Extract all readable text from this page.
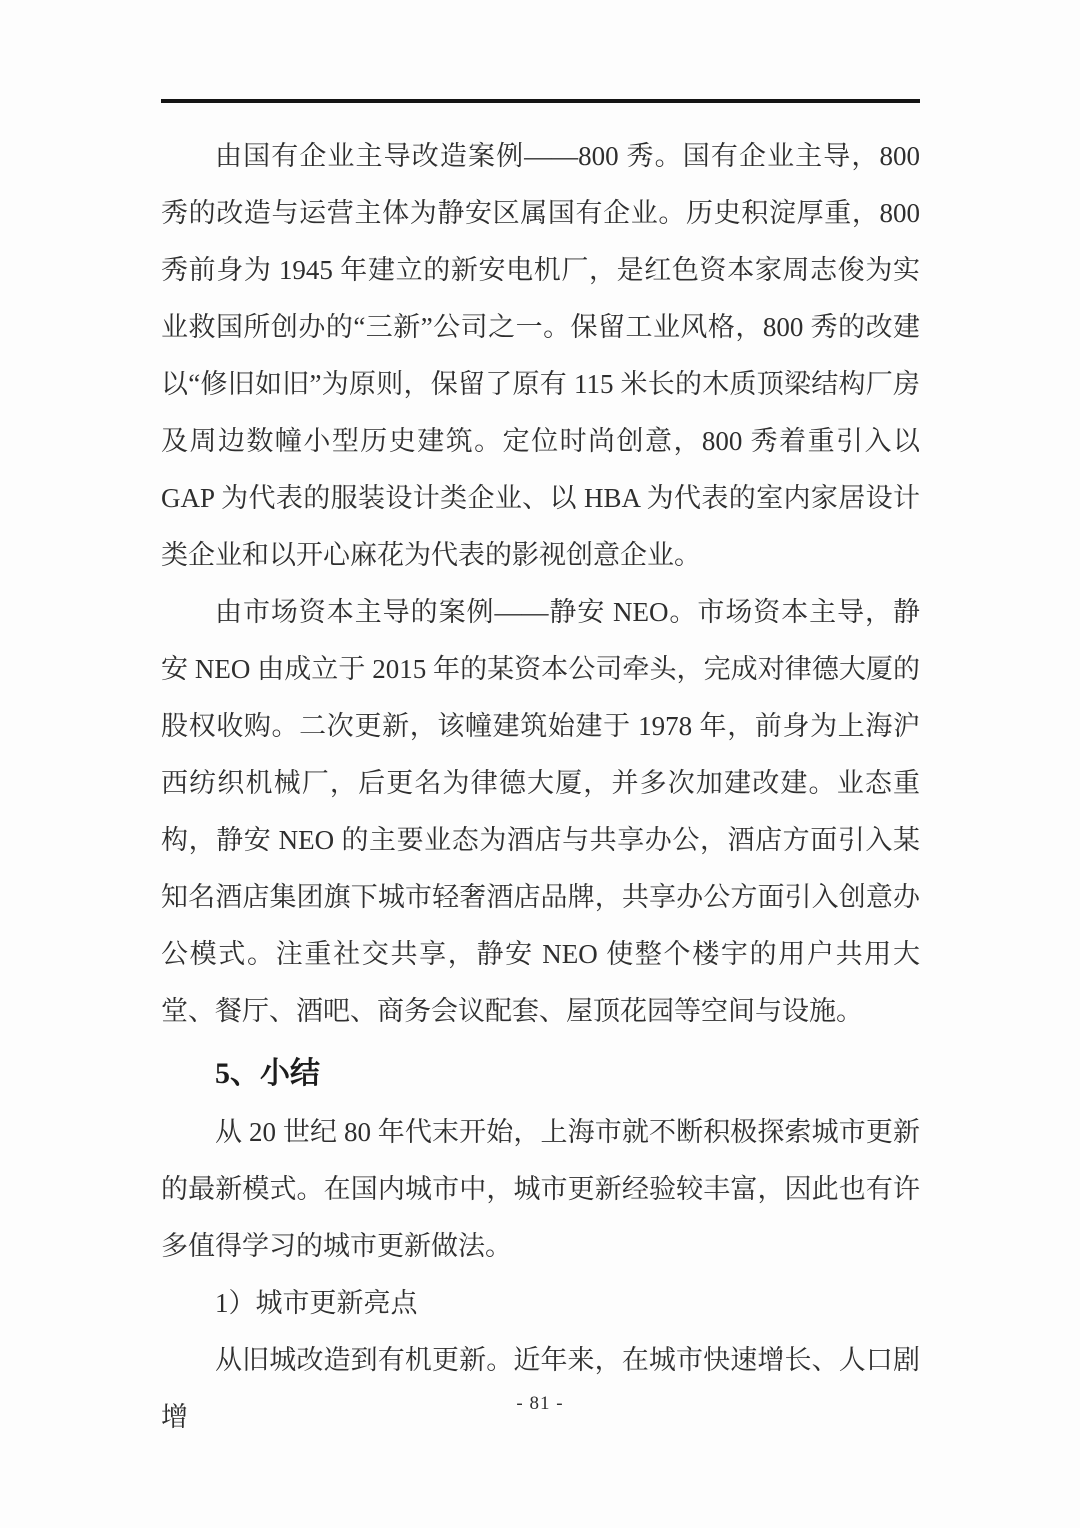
由国有企业主导改造案例——800 秀。国有企业主导，800 秀的改造与运营主体为静安区属国有企业。历史积淀厚重，800 秀前身为 1945 年建立的新安电机厂，是红色资本家周志俊为实业救国所创办的“三新”公司之一。保留工业风格，800 秀的改建以“修旧如旧”为原则，保留了原有 115 米长的木质顶梁结构厂房及周边数幢小型历史建筑。定位时尚创意，800 秀着重引入以 GAP 为代表的服装设计类企业、以 HBA 为代表的室内家居设计类企业和以开心麻花为代表的影视创意企业。

由市场资本主导的案例——静安 NEO。市场资本主导，静安 NEO 由成立于 2015 年的某资本公司牵头，完成对律德大厦的股权收购。二次更新，该幢建筑始建于 1978 年，前身为上海沪西纺织机械厂，后更名为律德大厦，并多次加建改建。业态重构，静安 NEO 的主要业态为酒店与共享办公，酒店方面引入某知名酒店集团旗下城市轻奢酒店品牌，共享办公方面引入创意办公模式。注重社交共享，静安 NEO 使整个楼宇的用户共用大堂、餐厅、酒吧、商务会议配套、屋顶花园等空间与设施。

5、小结

从 20 世纪 80 年代末开始，上海市就不断积极探索城市更新的最新模式。在国内城市中，城市更新经验较丰富，因此也有许多值得学习的城市更新做法。

1）城市更新亮点

从旧城改造到有机更新。近年来，在城市快速增长、人口剧增	- 81 -
